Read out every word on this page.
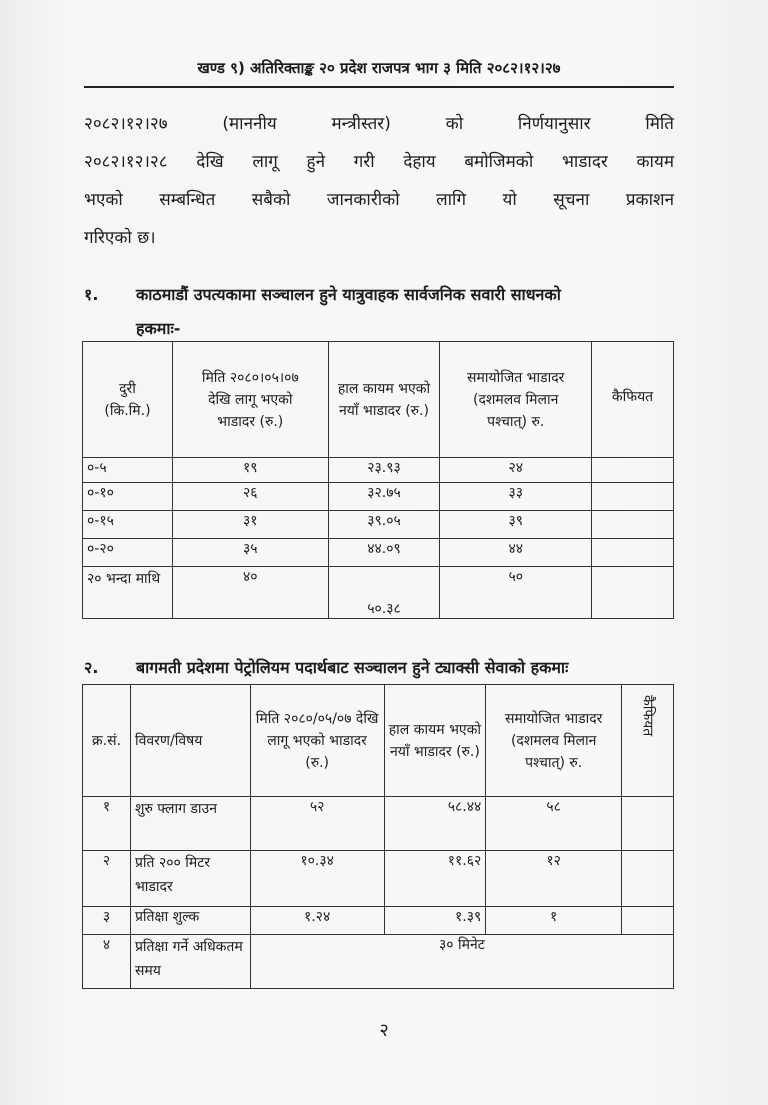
खण्ड ९) अतिरिक्ताङ्क २० प्रदेश राजपत्र भाग ३ मिति २०८२।१२।२७

२०८२।१२।२७ (माननीय मन्त्रीस्तर) को निर्णयानुसार मिति

२०८२।१२।२८ देखि लागू हुने गरी देहाय बमोजिमको भाडादर कायम

भएको सम्बन्धित सबैको जानकारीको लागि यो सूचना प्रकाशन

गरिएको छ।

१. काठमाडौं उपत्यकामा सञ्चालन हुने यात्रुवाहक सार्वजनिक सवारी साधनको
हकमाः-
दुरी (कि.मि.)	मिति २०८०।०५।०७ देखि लागू भएको भाडादर (रु.)	हाल कायम भएको नयाँ भाडादर (रु.)	समायोजित भाडादर (दशमलव मिलान पश्चात्) रु.	कैफियत
०-५	१९	२३.९३	२४	
०-१०	२६	३२.७५	३३	
०-१५	३१	३९.०५	३९	
०-२०	३५	४४.०९	४४	
२० भन्दा माथि	४०	५०.३८	५०	
२. बागमती प्रदेशमा पेट्रोलियम पदार्थबाट सञ्चालन हुने ट्याक्सी सेवाको हकमाः
क्र.सं.	विवरण/विषय	मिति २०८०/०५/०७ देखि लागू भएको भाडादर (रु.)	हाल कायम भएको नयाँ भाडादर (रु.)	समायोजित भाडादर (दशमलव मिलान पश्चात्) रु.	कैफियत
१	शुरु फ्लाग डाउन	५२	५८.४४	५८	
२	प्रति २०० मिटर भाडादर	१०.३४	११.६२	१२	
३	प्रतिक्षा शुल्क	१.२४	१.३९	१	
४	प्रतिक्षा गर्ने अधिकतम समय	३० मिनेट			
२
